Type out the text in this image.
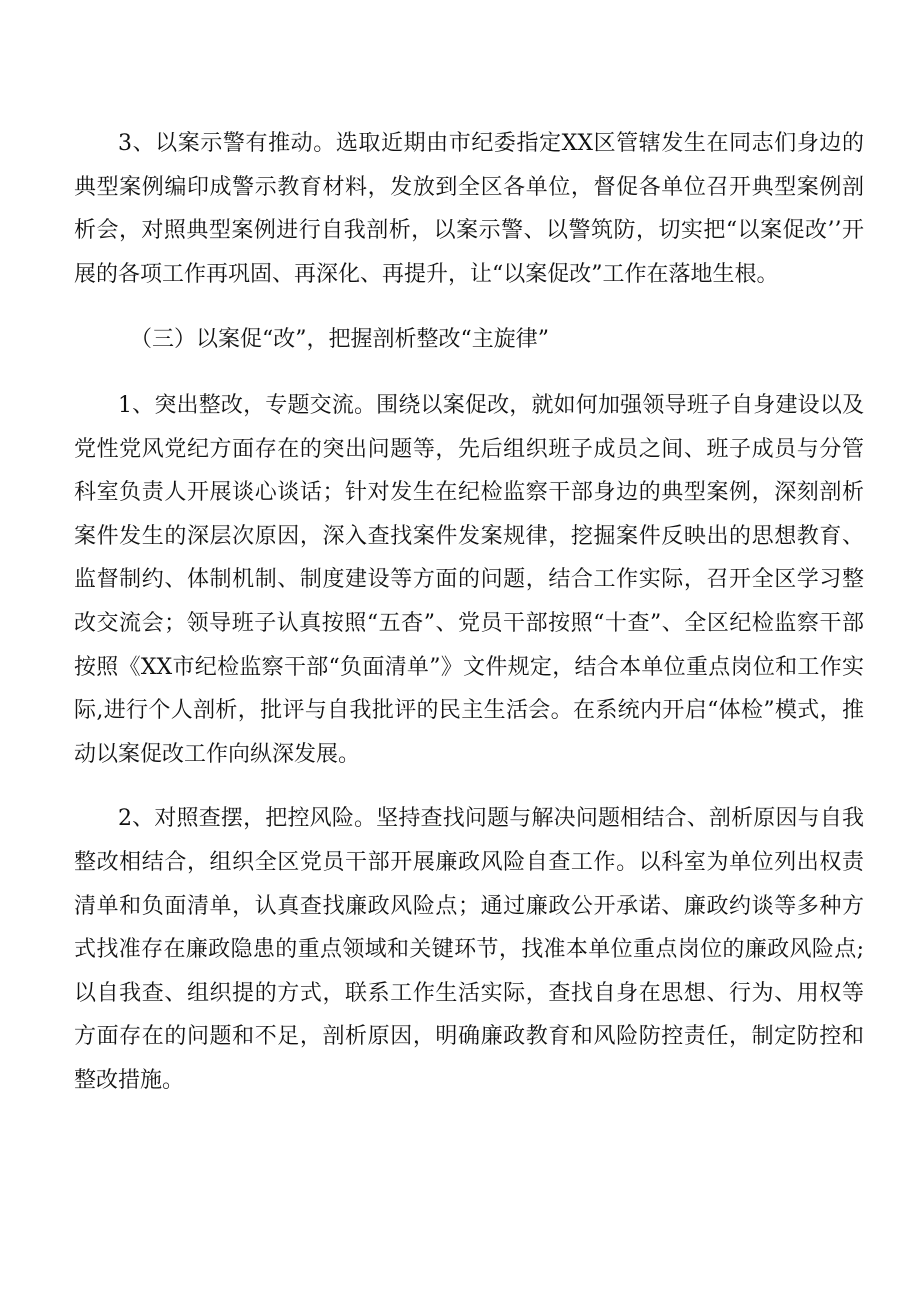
3、以案示警有推动。选取近期由市纪委指定XX区管辖发生在同志们身边的典型案例编印成警示教育材料，发放到全区各单位，督促各单位召开典型案例剖析会，对照典型案例进行自我剖析，以案示警、以警筑防，切实把“以案促改’’开展的各项工作再巩固、再深化、再提升，让“以案促改”工作在落地生根。

（三）以案促“改”，把握剖析整改“主旋律”

1、突出整改，专题交流。围绕以案促改，就如何加强领导班子自身建设以及党性党风党纪方面存在的突出问题等，先后组织班子成员之间、班子成员与分管科室负责人开展谈心谈话；针对发生在纪检监察干部身边的典型案例，深刻剖析案件发生的深层次原因，深入查找案件发案规律，挖掘案件反映出的思想教育、监督制约、体制机制、制度建设等方面的问题，结合工作实际，召开全区学习整改交流会；领导班子认真按照“五杳”、党员干部按照“十查”、全区纪检监察干部按照《XX市纪检监察干部“负面清单”》文件规定，结合本单位重点岗位和工作实际,进行个人剖析，批评与自我批评的民主生活会。在系统内开启“体检”模式，推动以案促改工作向纵深发展。

2、对照查摆，把控风险。坚持查找问题与解决问题相结合、剖析原因与自我整改相结合，组织全区党员干部开展廉政风险自查工作。以科室为单位列出权责清单和负面清单，认真查找廉政风险点；通过廉政公开承诺、廉政约谈等多种方式找准存在廉政隐患的重点领域和关键环节，找准本单位重点岗位的廉政风险点;以自我查、组织提的方式，联系工作生活实际，查找自身在思想、行为、用权等方面存在的问题和不足，剖析原因，明确廉政教育和风险防控责任，制定防控和整改措施。
